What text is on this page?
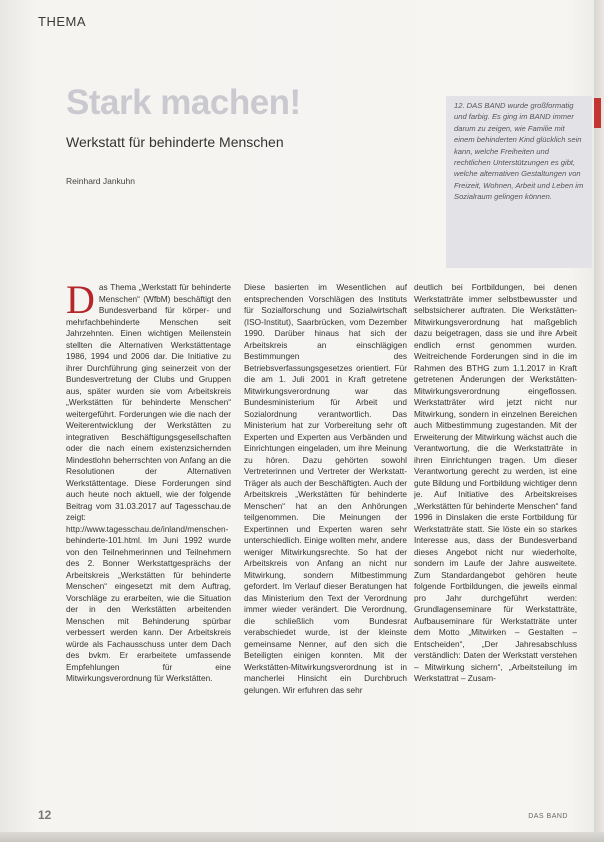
THEMA
Stark machen!
Werkstatt für behinderte Menschen
Reinhard Jankuhn

12. DAS BAND wurde großformatig und farbig. Es ging im BAND immer darum zu zeigen, wie Familie mit einem behinderten Kind glücklich sein kann, welche Freiheiten und rechtlichen Unterstützungen es gibt, welche alternativen Gestaltungen von Freizeit, Wohnen, Arbeit und Leben im Sozialraum gelingen können.

D as Thema „Werkstatt für behinderte Menschen“ (WfbM) beschäftigt den Bundesverband für körper- und mehrfachbehinderte Menschen seit Jahrzehnten. Einen wichtigen Meilenstein stellten die Alternativen Werkstättentage 1986, 1994 und 2006 dar. Die Initiative zu ihrer Durchführung ging seinerzeit von der Bundesvertretung der Clubs und Gruppen aus, später wurden sie vom Arbeitskreis „Werkstätten für behinderte Menschen“ weitergeführt. Forderungen wie die nach der Weiterentwicklung der Werkstätten zu integrativen Beschäftigungsgesellschaften oder die nach einem existenzsichernden Mindestlohn beherrschten von Anfang an die Resolutionen der Alternativen Werkstättentage. Diese Forderungen sind auch heute noch aktuell, wie der folgende Beitrag vom 31.03.2017 auf Tagesschau.de zeigt: http://www.tagesschau.de/inland/menschen-behinderte-101.html. Im Juni 1992 wurde von den Teilnehmerinnen und Teilnehmern des 2. Bonner Werkstattgesprächs der Arbeitskreis „Werkstätten für behinderte Menschen“ eingesetzt mit dem Auftrag, Vorschläge zu erarbeiten, wie die Situation der in den Werkstätten arbeitenden Menschen mit Behinderung spürbar verbessert werden kann. Der Arbeitskreis würde als Fachausschuss unter dem Dach des bvkm. Er erarbeitete umfassende Empfehlungen für eine Mitwirkungsverordnung für Werkstätten.

Diese basierten im Wesentlichen auf entsprechenden Vorschlägen des Instituts für Sozialforschung und Sozialwirtschaft (ISO-Institut), Saarbrücken, vom Dezember 1990. Darüber hinaus hat sich der Arbeitskreis an einschlägigen Bestimmungen des Betriebsverfassungsgesetzes orientiert. Für die am 1. Juli 2001 in Kraft getretene Mitwirkungsverordnung war das Bundesministerium für Arbeit und Sozialordnung verantwortlich. Das Ministerium hat zur Vorbereitung sehr oft Experten und Experten aus Verbänden und Einrichtungen eingeladen, um ihre Meinung zu hören. Dazu gehörten sowohl Vertreterinnen und Vertreter der Werkstatt-Träger als auch der Beschäftigten. Auch der Arbeitskreis „Werkstätten für behinderte Menschen“ hat an den Anhörungen teilgenommen. Die Meinungen der Expertinnen und Experten waren sehr unterschiedlich. Einige wollten mehr, andere weniger Mitwirkungsrechte. So hat der Arbeitskreis von Anfang an nicht nur Mitwirkung, sondern Mitbestimmung gefordert. Im Verlauf dieser Beratungen hat das Ministerium den Text der Verordnung immer wieder verändert. Die Verordnung, die schließlich vom Bundesrat verabschiedet wurde, ist der kleinste gemeinsame Nenner, auf den sich die Beteiligten einigen konnten. Mit der Werkstätten-Mitwirkungsverordnung ist in mancherlei Hinsicht ein Durchbruch gelungen. Wir erfuhren das sehr

deutlich bei Fortbildungen, bei denen Werkstatträte immer selbstbewusster und selbstsicherer auftraten. Die Werkstätten-Mitwirkungsverordnung hat maßgeblich dazu beigetragen, dass sie und ihre Arbeit endlich ernst genommen wurden. Weitreichende Forderungen sind in die im Rahmen des BTHG zum 1.1.2017 in Kraft getretenen Änderungen der Werkstätten-Mitwirkungsverordnung eingeflossen. Werkstatträter wird jetzt nicht nur Mitwirkung, sondern in einzelnen Bereichen auch Mitbestimmung zugestanden. Mit der Erweiterung der Mitwirkung wächst auch die Verantwortung, die die Werkstatträte in ihren Einrichtungen tragen. Um dieser Verantwortung gerecht zu werden, ist eine gute Bildung und Fortbildung wichtiger denn je. Auf Initiative des Arbeitskreises „Werkstätten für behinderte Menschen“ fand 1996 in Dinslaken die erste Fortbildung für Werkstatträte statt. Sie löste ein so starkes Interesse aus, dass der Bundesverband dieses Angebot nicht nur wiederholte, sondern im Laufe der Jahre ausweitete. Zum Standardangebot gehören heute folgende Fortbildungen, die jeweils einmal pro Jahr durchgeführt werden: Grundlagenseminare für Werkstatträte, Aufbauseminare für Werkstatträte unter dem Motto „Mitwirken – Gestalten – Entscheiden“, „Der Jahresabschluss verständlich: Daten der Werkstatt verstehen – Mitwirkung sichern“, „Arbeitsteilung im Werkstattrat – Zusam-

12	DAS BAND
